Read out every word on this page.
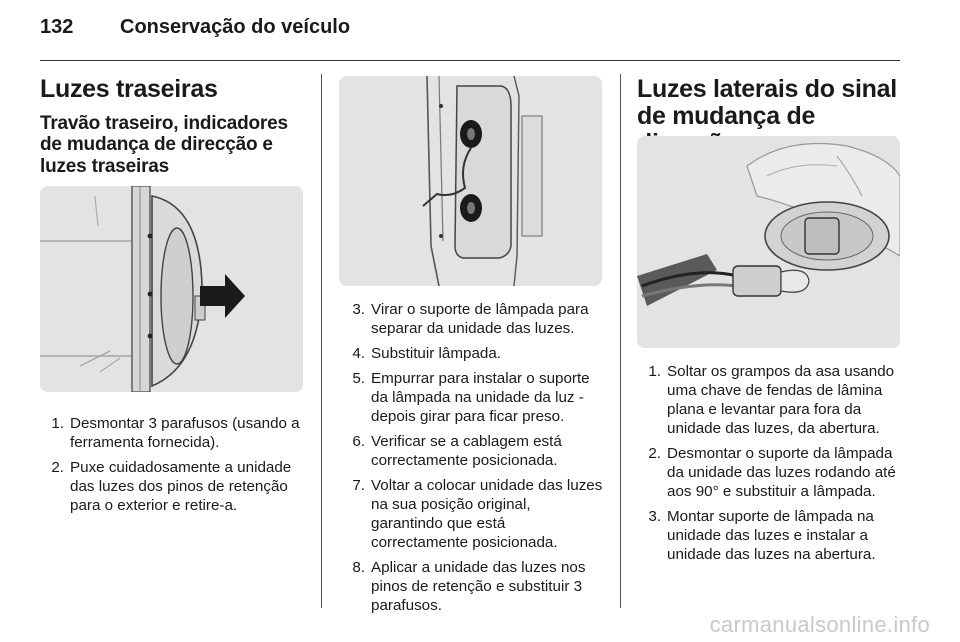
132	Conservação do veículo
Luzes traseiras
Travão traseiro, indicadores de mudança de direcção e luzes traseiras
1. Desmontar 3 parafusos (usando a ferramenta fornecida).
2. Puxe cuidadosamente a unidade das luzes dos pinos de retenção para o exterior e retire-a.
3. Virar o suporte de lâmpada para separar da unidade das luzes.
4. Substituir lâmpada.
5. Empurrar para instalar o suporte da lâmpada na unidade da luz - depois girar para ficar preso.
6. Verificar se a cablagem está correctamente posicionada.
7. Voltar a colocar unidade das luzes na sua posição original, garantindo que está correctamente posicionada.
8. Aplicar a unidade das luzes nos pinos de retenção e substituir 3 parafusos.
Luzes laterais do sinal de mudança de
1. Soltar os grampos da asa usando uma chave de fendas de lâmina plana e levantar para fora da unidade das luzes, da abertura.
2. Desmontar o suporte da lâmpada da unidade das luzes rodando até aos 90° e substituir a lâmpada.
3. Montar suporte de lâmpada na unidade das luzes e instalar a unidade das luzes na abertura.
carmanualsonline.info
